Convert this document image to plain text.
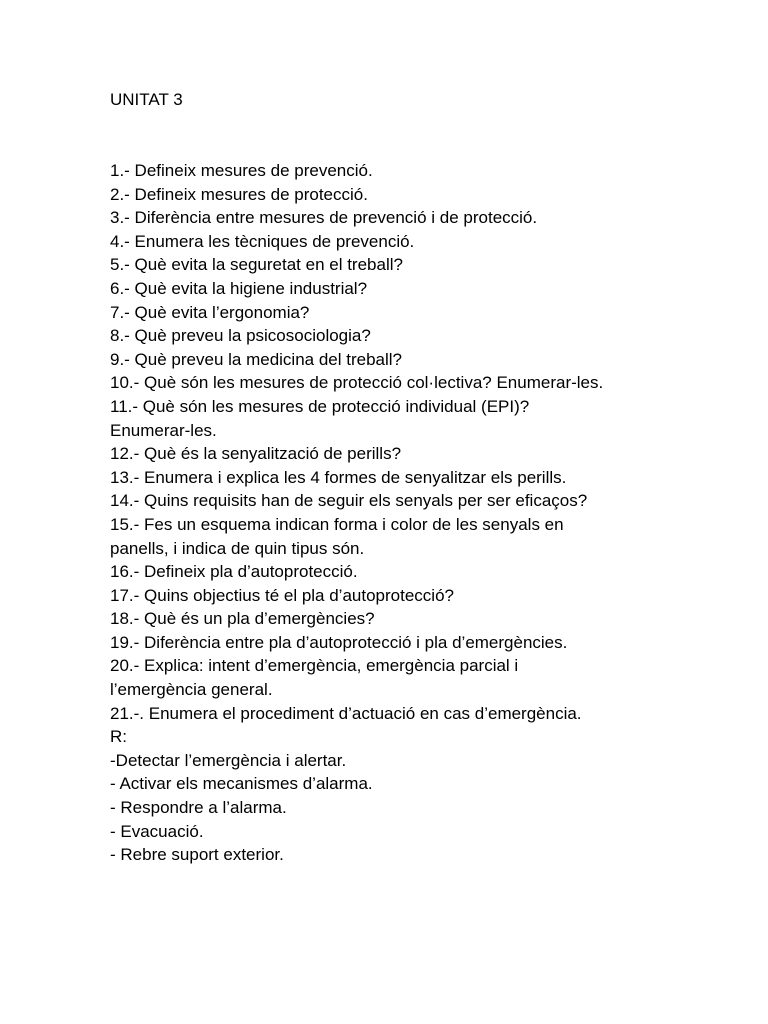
UNITAT 3
1.- Defineix mesures de prevenció.
2.- Defineix mesures de protecció.
3.- Diferència entre mesures de prevenció i de protecció.
4.- Enumera les tècniques de prevenció.
5.- Què evita la seguretat en el treball?
6.- Què evita la higiene industrial?
7.- Què evita l’ergonomia?
8.- Què preveu la psicosociologia?
9.- Què preveu la medicina del treball?
10.- Què són les mesures de protecció col·lectiva? Enumerar-les.
11.- Què són les mesures de protecció individual (EPI)?
Enumerar-les.
12.- Què és la senyalització de perills?
13.- Enumera i explica les 4 formes de senyalitzar els perills.
14.- Quins requisits han de seguir els senyals per ser eficaços?
15.- Fes un esquema indican forma i color de les senyals en
panells, i indica de quin tipus són.
16.- Defineix pla d’autoprotecció.
17.- Quins objectius té el pla d’autoprotecció?
18.- Què és un pla d’emergències?
19.- Diferència entre pla d’autoprotecció i pla d’emergències.
20.- Explica: intent d’emergència, emergència parcial i
l’emergència general.
21.-. Enumera el procediment d’actuació en cas d’emergència.
R:
-Detectar l’emergència i alertar.
- Activar els mecanismes d’alarma.
- Respondre a l’alarma.
- Evacuació.
- Rebre suport exterior.
